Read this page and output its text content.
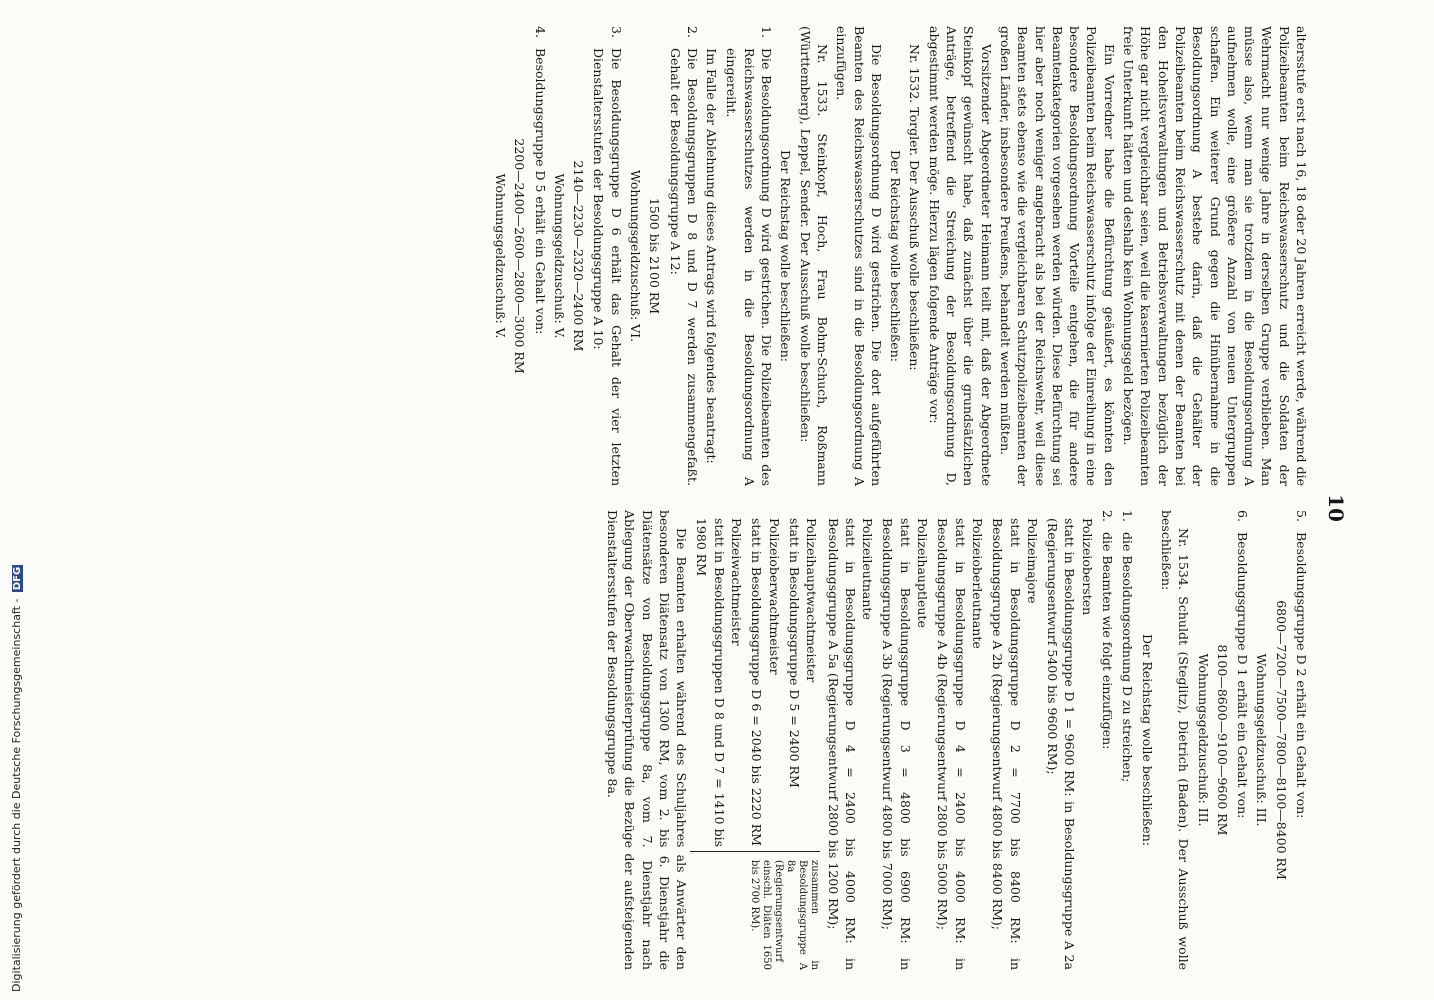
10

altersstufe erst nach 16, 18 oder 20 Jahren erreicht werde, während die Polizeibeamten beim Reichswasserschutz und die Soldaten der Wehrmacht nur wenige Jahre in derselben Gruppe verblieben. Man müsse also, wenn man sie trotzdem in die Besoldungsordnung A aufnehmen wolle, eine größere Anzahl von neuen Untergruppen schaffen. Ein weiterer Grund gegen die Hinübernahme in die Besoldungsordnung A bestehe darin, daß die Gehälter der Polizeibeamten beim Reichswasserschutz mit denen der Beamten bei den Hoheitsverwaltungen und Betriebsverwaltungen bezüglich der Höhe gar nicht vergleichbar seien, weil die kasernierten Polizeibeamten freie Unterkunft hätten und deshalb kein Wohnungsgeld bezögen.

Ein Vorredner habe die Befürchtung geäußert, es könnten den Polizeibeamten beim Reichswasserschutz infolge der Einreihung in eine besondere Besoldungsordnung Vorteile entgehen, die für andere Beamtenkategorien vorgesehen werden würden. Diese Befürchtung sei hier aber noch weniger angebracht als bei der Reichswehr, weil diese Beamten stets ebenso wie die vergleichbaren Schutzpolizeibeamten der großen Länder, insbesondere Preußens, behandelt werden müßten.

Vorsitzender Abgeordneter Heimann teilt mit, daß der Abgeordnete Steinkopf gewünscht habe, daß zunächst über die grundsätzlichen Anträge, betreffend die Streichung der Besoldungsordnung D, abgestimmt werden möge. Hierzu lägen folgende Anträge vor:

Nr. 1532. Torgler. Der Ausschuß wolle beschließen:

Der Reichstag wolle beschließen:

Die Besoldungsordnung D wird gestrichen. Die dort aufgeführten Beamten des Reichswasserschutzes sind in die Besoldungsordnung A einzufügen.

Nr. 1533. Steinkopf, Hoch, Frau Bohm-Schuch, Roßmann (Württemberg), Leppel, Sender. Der Ausschuß wolle beschließen:

Der Reichstag wolle beschließen:

1.
Die Besoldungsordnung D wird gestrichen. Die Polizeibeamten des Reichswasserschutzes werden in die Besoldungsordnung A eingereiht.

Im Falle der Ablehnung dieses Antrags wird folgendes beantragt:

2.
Die Besoldungsgruppen D 8 und D 7 werden zusammengefaßt. Gehalt der Besoldungsgruppe A 12:

1500 bis 2100 RM

Wohnungsgeldzuschuß: VI.

3.
Die Besoldungsgruppe D 6 erhält das Gehalt der vier letzten Dienstaltersstufen der Besoldungsgruppe A 10:

2140—2230—2320—2400 RM

Wohnungsgeldzuschuß: V.

4.
Besoldungsgruppe D 5 erhält ein Gehalt von:

2200—2400—2600—2800—3000 RM

Wohnungsgeldzuschuß: V.

5.
Besoldungsgruppe D 2 erhält ein Gehalt von:

6800—7200—7500—7800—8100—8400 RM

Wohnungsgeldzuschuß: III.

6.
Besoldungsgruppe D 1 erhält ein Gehalt von:

8100—8600—9100—9600 RM

Wohnungsgeldzuschuß: III.

Nr. 1534. Schuldt (Steglitz), Dietrich (Baden). Der Ausschuß wolle beschließen:

Der Reichstag wolle beschließen:

1.
die Besoldungsordnung D zu streichen;
2.
die Beamten wie folgt einzufügen:
Polizeiobersten
statt in Besoldungsgruppe D 1 = 9600 RM: in Besoldungsgruppe A 2a (Regierungsentwurf 5400 bis 9600 RM);
Polizeimajore
statt in Besoldungsgruppe D 2 = 7700 bis 8400 RM: in Besoldungsgruppe A 2b (Regierungsentwurf 4800 bis 8400 RM);
Polizeioberleutnante
statt in Besoldungsgruppe D 4 = 2400 bis 4000 RM: in Besoldungsgruppe A 4b (Regierungsentwurf 2800 bis 5000 RM);
Polizeihauptleute
statt in Besoldungsgruppe D 3 = 4800 bis 6900 RM: in Besoldungsgruppe A 3b (Regierungsentwurf 4800 bis 7000 RM);
Polizeileutnante
statt in Besoldungsgruppe D 4 = 2400 bis 4000 RM: in Besoldungsgruppe A 5a (Regierungsentwurf 2800 bis 1200 RM);
Polizeihauptwachtmeister
statt in Besoldungsgruppe D 5 = 2400 RM
Polizeioberwachtmeister
statt in Besoldungsgruppe D 6 = 2040 bis 2220 RM
Polizeiwachtmeister
statt in Besoldungsgruppen D 8 und D 7 = 1410 bis 1980 RM
zusammen in Besoldungsgruppe A 8a (Regierungsentwurf einschl. Diäten 1650 bis 2700 RM).

Die Beamten erhalten während des Schuljahres als Anwärter den besonderen Diätensatz von 1300 RM, vom 2. bis 6. Dienstjahr die Diätensätze von Besoldungsgruppe 8a, vom 7. Dienstjahr nach Ablegung der Oberwachtmeisterprüfung die Bezüge der aufsteigenden Dienstaltersstufen der Besoldungsgruppe 8a.

Digitalisierung gefördert durch die Deutsche Forschungsgemeinschaft - DFG
